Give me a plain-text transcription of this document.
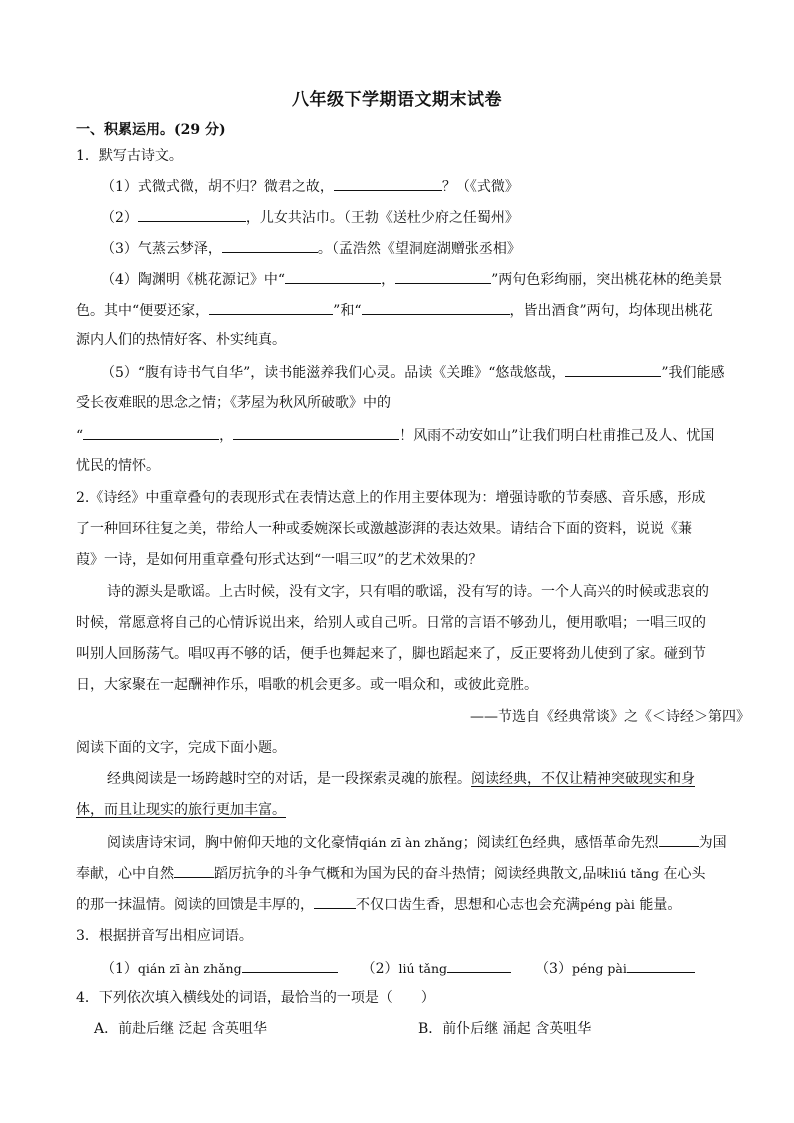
八年级下学期语文期末试卷
一、积累运用。(29 分)
1．默写古诗文。
（1）式微式微，胡不归？微君之故，	？（《式微》
（2）	，儿女共沾巾。（王勃《送杜少府之任蜀州》
（3）气蒸云梦泽，	。（孟浩然《望洞庭湖赠张丞相》
（4）陶渊明《桃花源记》中“	，	”两句色彩绚丽，突出桃花林的绝美景
色。其中“便要还家，	”和“	，皆出酒食”两句，均体现出桃花
源内人们的热情好客、朴实纯真。
（5）“腹有诗书气自华”，读书能滋养我们心灵。品读《关雎》“悠哉悠哉，	”我们能感
受长夜难眠的思念之情；《茅屋为秋风所破歌》中的
“	，	！风雨不动安如山”让我们明白杜甫推己及人、忧国
忧民的情怀。
2.《诗经》中重章叠句的表现形式在表情达意上的作用主要体现为：增强诗歌的节奏感、音乐感，形成
了一种回环往复之美，带给人一种或委婉深长或激越澎湃的表达效果。请结合下面的资料，说说《蒹
葭》一诗，是如何用重章叠句形式达到“一唱三叹”的艺术效果的？
诗的源头是歌谣。上古时候，没有文字，只有唱的歌谣，没有写的诗。一个人高兴的时候或悲哀的
时候，常愿意将自己的心情诉说出来，给别人或自己听。日常的言语不够劲儿，便用歌唱；一唱三叹的
叫别人回肠荡气。唱叹再不够的话，便手也舞起来了，脚也蹈起来了，反正要将劲儿使到了家。碰到节
日，大家聚在一起酬神作乐，唱歌的机会更多。或一唱众和，或彼此竞胜。
——节选自《经典常谈》之《＜诗经＞第四》
阅读下面的文字，完成下面小题。
经典阅读是一场跨越时空的对话，是一段探索灵魂的旅程。阅读经典，不仅让精神突破现实和身
体，而且让现实的旅行更加丰富。
阅读唐诗宋词，胸中俯仰天地的文化豪情qián zī àn zhǎng；阅读红色经典，感悟革命先烈	为国
奉献，心中自然	蹈厉抗争的斗争气概和为国为民的奋斗热情；阅读经典散文,品味liú tǎng 在心头
的那一抹温情。阅读的回馈是丰厚的，	不仅口齿生香，思想和心志也会充满péng pài 能量。
3．根据拼音写出相应词语。
（1）qián zī àn zhǎng	（2）liú tǎng	（3）péng pài
4．下列依次填入横线处的词语，最恰当的一项是（　　）
A．前赴后继 泛起 含英咀华	B．前仆后继 涌起 含英咀华
